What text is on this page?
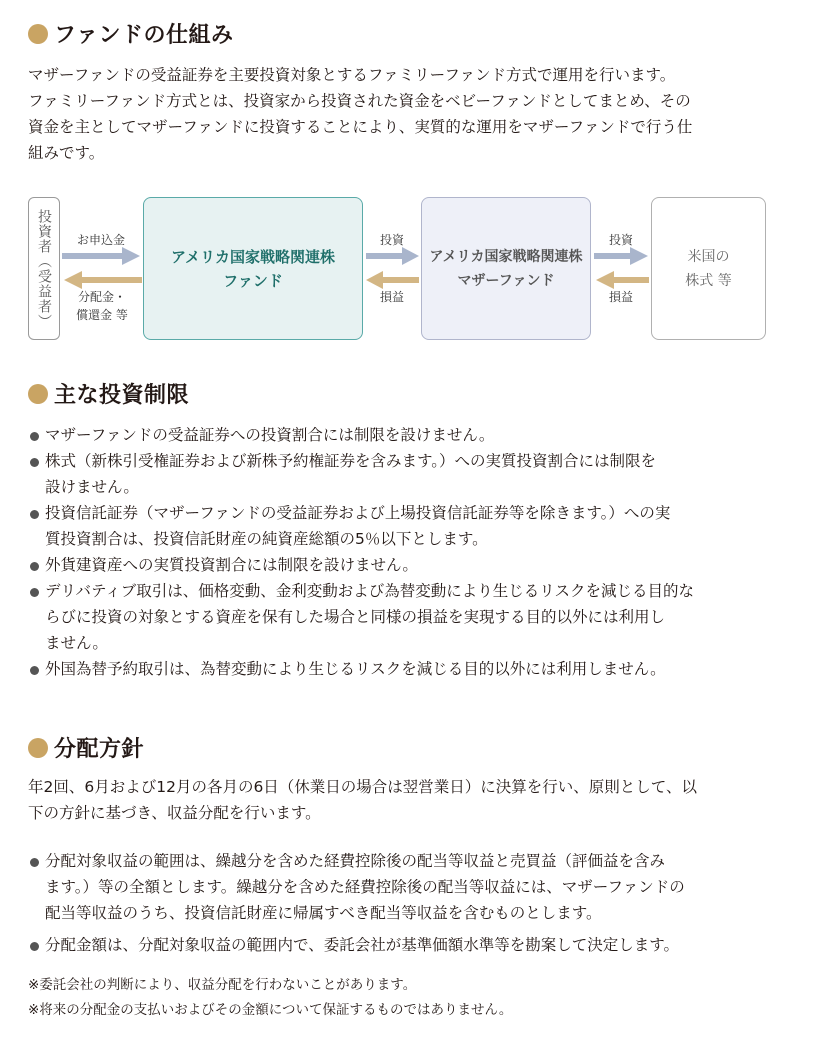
ファンドの仕組み
マザーファンドの受益証券を主要投資対象とするファミリーファンド方式で運用を行います。
ファミリーファンド方式とは、投資家から投資された資金をベビーファンドとしてまとめ、その
資金を主としてマザーファンドに投資することにより、実質的な運用をマザーファンドで行う仕
組みです。
投資者（受益者）	お申込金
分配金・
償還金 等
アメリカ国家戦略関連株
ファンド
投資
損益
アメリカ国家戦略関連株
マザーファンド
投資
損益
米国の
株式 等
主な投資制限
マザーファンドの受益証券への投資割合には制限を設けません。
株式（新株引受権証券および新株予約権証券を含みます。）への実質投資割合には制限を
設けません。
投資信託証券（マザーファンドの受益証券および上場投資信託証券等を除きます。）への実
質投資割合は、投資信託財産の純資産総額の5％以下とします。
外貨建資産への実質投資割合には制限を設けません。
デリバティブ取引は、価格変動、金利変動および為替変動により生じるリスクを減じる目的な
らびに投資の対象とする資産を保有した場合と同様の損益を実現する目的以外には利用し
ません。
外国為替予約取引は、為替変動により生じるリスクを減じる目的以外には利用しません。
分配方針
年2回、6月および12月の各月の6日（休業日の場合は翌営業日）に決算を行い、原則として、以
下の方針に基づき、収益分配を行います。
分配対象収益の範囲は、繰越分を含めた経費控除後の配当等収益と売買益（評価益を含み
ます。）等の全額とします。繰越分を含めた経費控除後の配当等収益には、マザーファンドの
配当等収益のうち、投資信託財産に帰属すべき配当等収益を含むものとします。
分配金額は、分配対象収益の範囲内で、委託会社が基準価額水準等を勘案して決定します。
※委託会社の判断により、収益分配を行わないことがあります。
※将来の分配金の支払いおよびその金額について保証するものではありません。
